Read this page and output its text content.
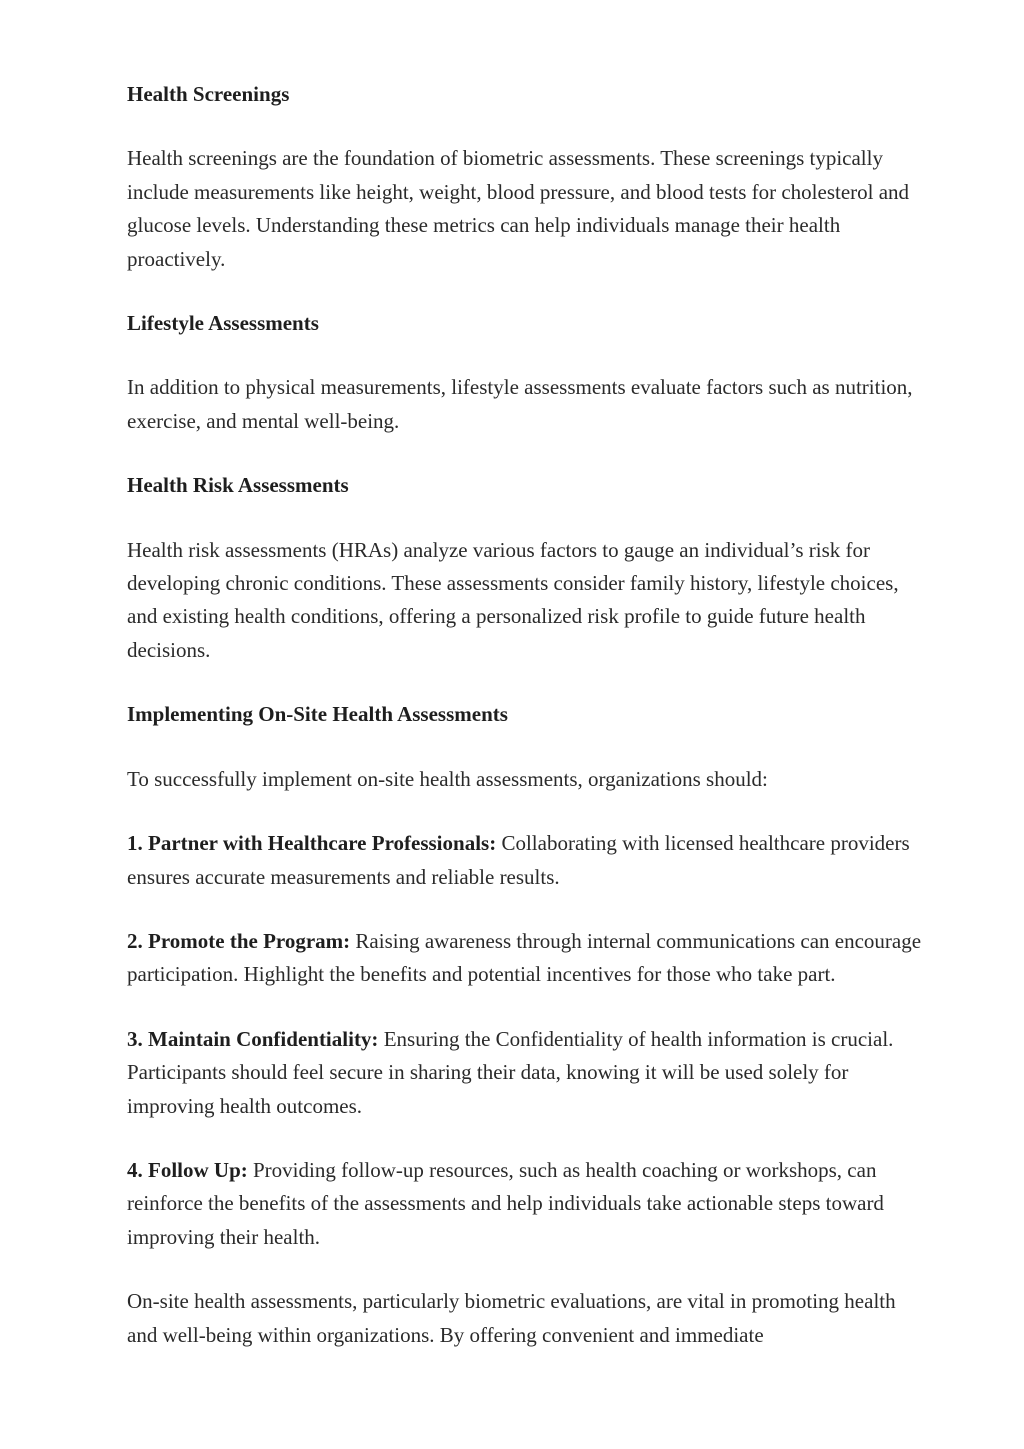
Health Screenings

Health screenings are the foundation of biometric assessments. These screenings typically include measurements like height, weight, blood pressure, and blood tests for cholesterol and glucose levels. Understanding these metrics can help individuals manage their health proactively.

Lifestyle Assessments

In addition to physical measurements, lifestyle assessments evaluate factors such as nutrition, exercise, and mental well-being.

Health Risk Assessments

Health risk assessments (HRAs) analyze various factors to gauge an individual’s risk for developing chronic conditions. These assessments consider family history, lifestyle choices, and existing health conditions, offering a personalized risk profile to guide future health decisions.

Implementing On-Site Health Assessments

To successfully implement on-site health assessments, organizations should:

1. Partner with Healthcare Professionals: Collaborating with licensed healthcare providers ensures accurate measurements and reliable results.

2. Promote the Program: Raising awareness through internal communications can encourage participation. Highlight the benefits and potential incentives for those who take part.

3. Maintain Confidentiality: Ensuring the Confidentiality of health information is crucial. Participants should feel secure in sharing their data, knowing it will be used solely for improving health outcomes.

4. Follow Up: Providing follow-up resources, such as health coaching or workshops, can reinforce the benefits of the assessments and help individuals take actionable steps toward improving their health.

On-site health assessments, particularly biometric evaluations, are vital in promoting health and well-being within organizations. By offering convenient and immediate
